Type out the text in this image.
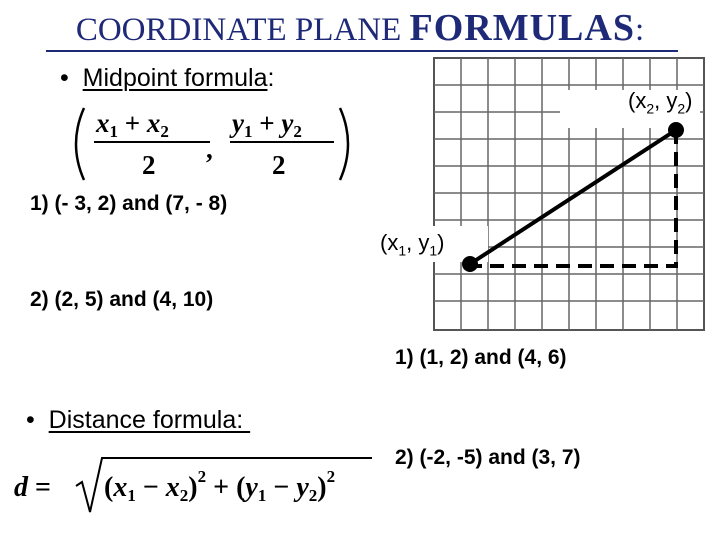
COORDINATE PLANE FORMULAS:
• Midpoint formula:
x1 + x2
2
,
y1 + y2
2
1) (- 3, 2) and (7, - 8)
2) (2, 5) and (4, 10)
($x_2$, $y_2$)
($x_1$, $y_1$)
1) (1, 2) and (4, 6)
2) (-2, -5) and (3, 7)
• Distance formula:
$d = (x1 - x2)^2 + (y1 - y2)^2$
